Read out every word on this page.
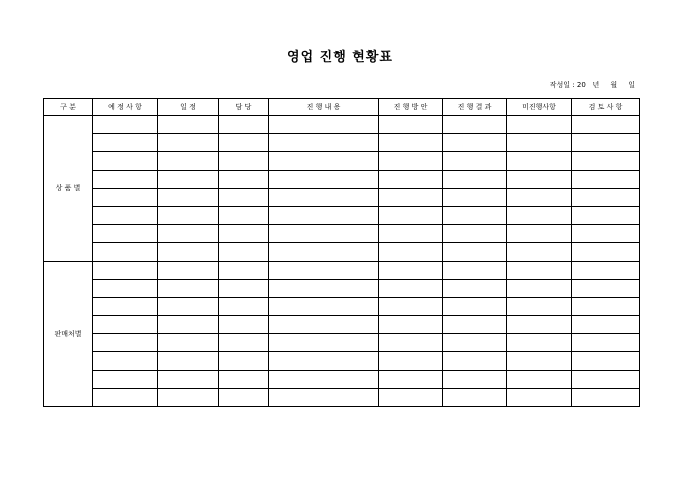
영업 진행 현황표
작성일 : 20   년     월     일
구 분	예 정 사 항	일 정	담 당	진 행 내 용	진 행 방 안	진 행 결 과	미진행사항	검 토 사 항
상 품 별								

판매처별								
